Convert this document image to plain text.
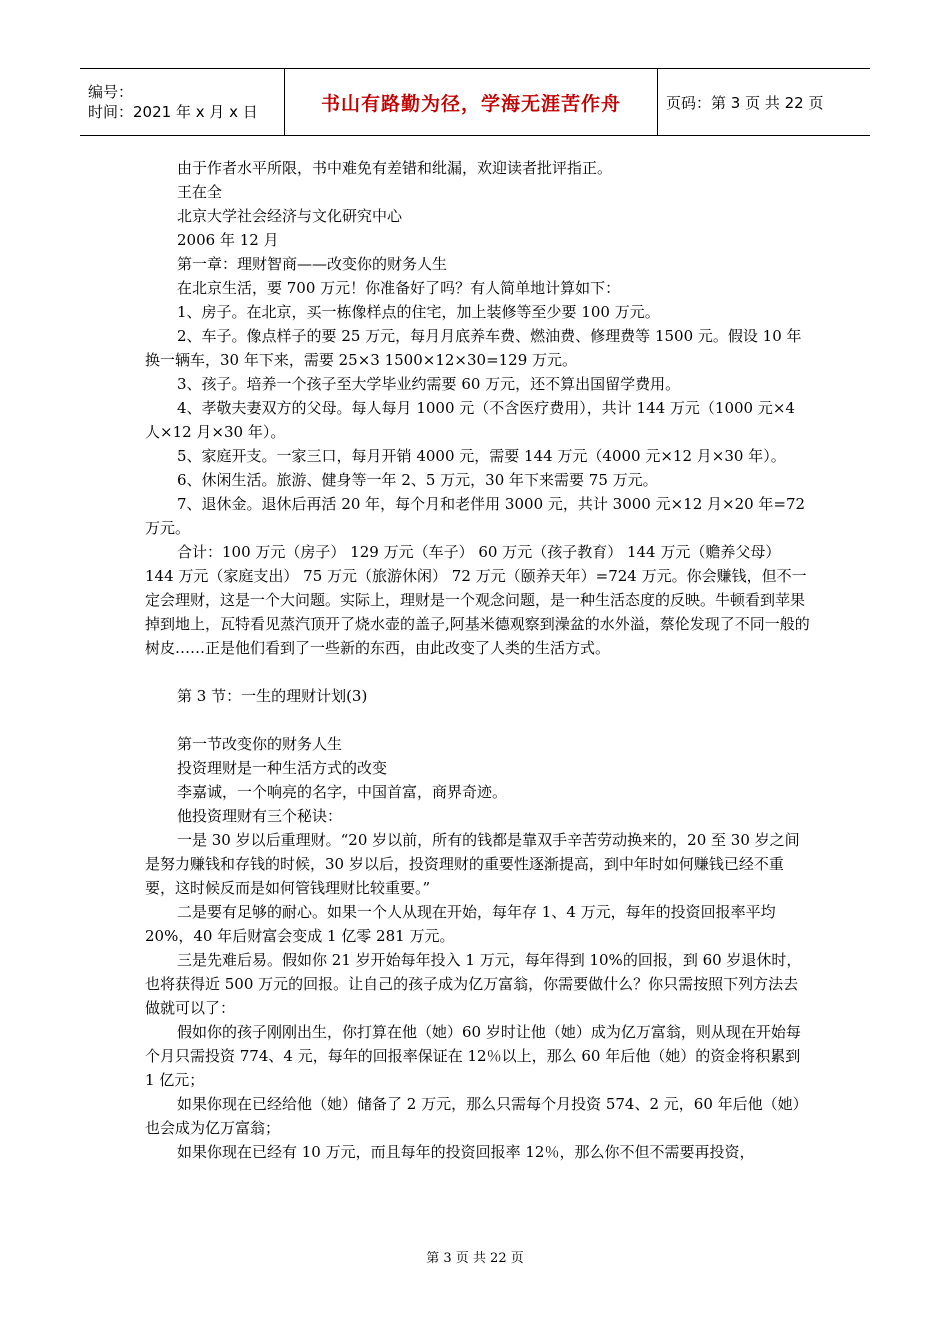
编号：
时间：2021 年 x 月 x 日	书山有路勤为径，学海无涯苦作舟	页码：第 3 页 共 22 页

由于作者水平所限，书中难免有差错和纰漏，欢迎读者批评指正。

王在全

北京大学社会经济与文化研究中心

2006 年 12 月

第一章：理财智商——改变你的财务人生

在北京生活，要 700 万元！你准备好了吗？有人简单地计算如下：

1、房子。在北京，买一栋像样点的住宅，加上装修等至少要 100 万元。

2、车子。像点样子的要 25 万元，每月月底养车费、燃油费、修理费等 1500 元。假设 10 年换一辆车，30 年下来，需要 25×3 1500×12×30=129 万元。

3、孩子。培养一个孩子至大学毕业约需要 60 万元，还不算出国留学费用。

4、孝敬夫妻双方的父母。每人每月 1000 元（不含医疗费用），共计 144 万元（1000 元×4 人×12 月×30 年）。

5、家庭开支。一家三口，每月开销 4000 元，需要 144 万元（4000 元×12 月×30 年）。

6、休闲生活。旅游、健身等一年 2、5 万元，30 年下来需要 75 万元。

7、退休金。退休后再活 20 年，每个月和老伴用 3000 元，共计 3000 元×12 月×20 年=72 万元。

合计：100 万元（房子） 129 万元（车子） 60 万元（孩子教育） 144 万元（赡养父母） 144 万元（家庭支出） 75 万元（旅游休闲） 72 万元（颐养天年）=724 万元。你会赚钱，但不一定会理财，这是一个大问题。实际上，理财是一个观念问题，是一种生活态度的反映。牛顿看到苹果掉到地上，瓦特看见蒸汽顶开了烧水壶的盖子,阿基米德观察到澡盆的水外溢，蔡伦发现了不同一般的树皮……正是他们看到了一些新的东西，由此改变了人类的生活方式。

第 3 节：一生的理财计划(3)

第一节改变你的财务人生

投资理财是一种生活方式的改变

李嘉诚，一个响亮的名字，中国首富，商界奇迹。

他投资理财有三个秘诀：

一是 30 岁以后重理财。“20 岁以前，所有的钱都是靠双手辛苦劳动换来的，20 至 30 岁之间是努力赚钱和存钱的时候，30 岁以后，投资理财的重要性逐渐提高，到中年时如何赚钱已经不重要，这时候反而是如何管钱理财比较重要。”

二是要有足够的耐心。如果一个人从现在开始，每年存 1、4 万元，每年的投资回报率平均 20%，40 年后财富会变成 1 亿零 281 万元。

三是先难后易。假如你 21 岁开始每年投入 1 万元，每年得到 10%的回报，到 60 岁退休时，也将获得近 500 万元的回报。让自己的孩子成为亿万富翁，你需要做什么？你只需按照下列方法去做就可以了：

假如你的孩子刚刚出生，你打算在他（她）60 岁时让他（她）成为亿万富翁，则从现在开始每个月只需投资 774、4 元，每年的回报率保证在 12％以上，那么 60 年后他（她）的资金将积累到 1 亿元；

如果你现在已经给他（她）储备了 2 万元，那么只需每个月投资 574、2 元，60 年后他（她）也会成为亿万富翁；

如果你现在已经有 10 万元，而且每年的投资回报率 12％，那么你不但不需要再投资，

第 3 页 共 22 页
